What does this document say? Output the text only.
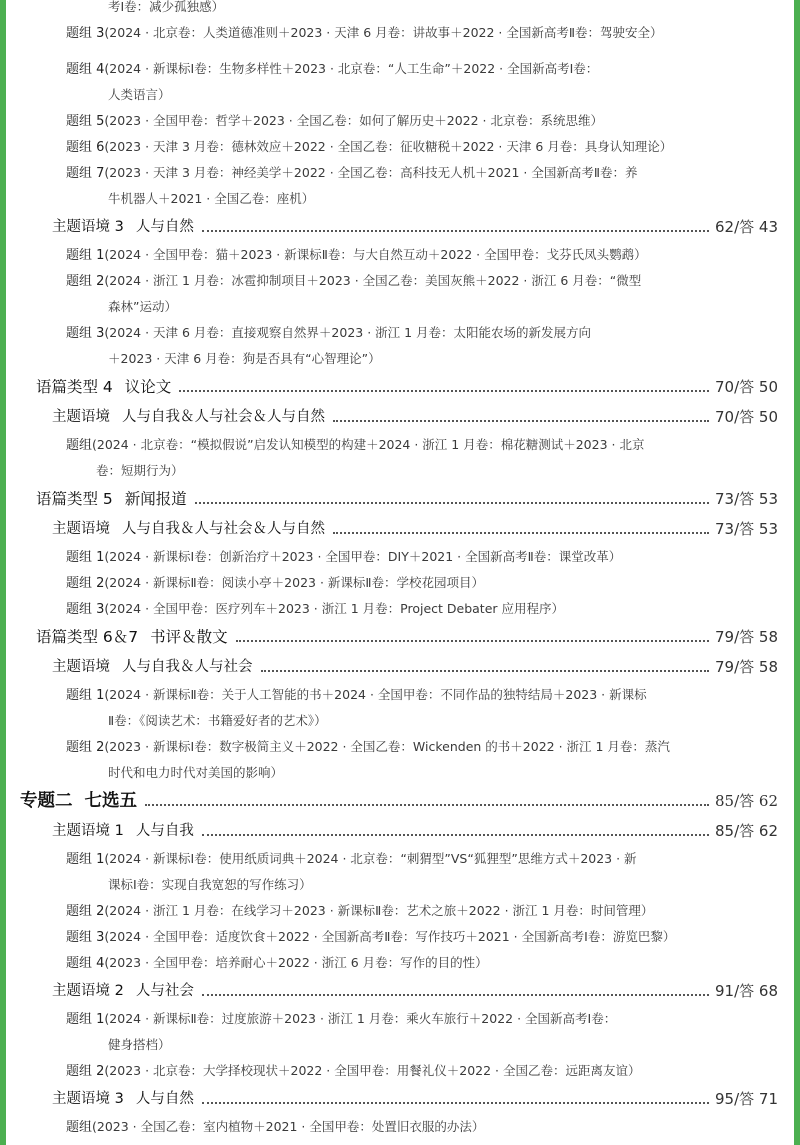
考Ⅰ卷：减少孤独感）
题组 3(2024 · 北京卷：人类道德准则＋2023 · 天津 6 月卷：讲故事＋2022 · 全国新高考Ⅱ卷：驾驶安全）
题组 4(2024 · 新课标Ⅰ卷：生物多样性＋2023 · 北京卷：“人工生命”＋2022 · 全国新高考Ⅰ卷：
人类语言）
题组 5(2023 · 全国甲卷：哲学＋2023 · 全国乙卷：如何了解历史＋2022 · 北京卷：系统思维）
题组 6(2023 · 天津 3 月卷：德林效应＋2022 · 全国乙卷：征收糖税＋2022 · 天津 6 月卷：具身认知理论）
题组 7(2023 · 天津 3 月卷：神经美学＋2022 · 全国乙卷：高科技无人机＋2021 · 全国新高考Ⅱ卷：养
牛机器人＋2021 · 全国乙卷：座机）
主题语境 3 人与自然	62/答 43
题组 1(2024 · 全国甲卷：猫＋2023 · 新课标Ⅱ卷：与大自然互动＋2022 · 全国甲卷：戈芬氏凤头鹦鹉）
题组 2(2024 · 浙江 1 月卷：冰雹抑制项目＋2023 · 全国乙卷：美国灰熊＋2022 · 浙江 6 月卷：“微型
森林”运动）
题组 3(2024 · 天津 6 月卷：直接观察自然界＋2023 · 浙江 1 月卷：太阳能农场的新发展方向
＋2023 · 天津 6 月卷：狗是否具有“心智理论”）
语篇类型 4 议论文	70/答 50
主题语境 人与自我＆人与社会＆人与自然	70/答 50
题组(2024 · 北京卷：“模拟假说”启发认知模型的构建＋2024 · 浙江 1 月卷：棉花糖测试＋2023 · 北京
卷：短期行为）
语篇类型 5 新闻报道	73/答 53
主题语境 人与自我＆人与社会＆人与自然	73/答 53
题组 1(2024 · 新课标Ⅰ卷：创新治疗＋2023 · 全国甲卷：DIY＋2021 · 全国新高考Ⅱ卷：课堂改革）
题组 2(2024 · 新课标Ⅱ卷：阅读小亭＋2023 · 新课标Ⅱ卷：学校花园项目）
题组 3(2024 · 全国甲卷：医疗列车＋2023 · 浙江 1 月卷：Project Debater 应用程序）
语篇类型 6＆7 书评＆散文	79/答 58
主题语境 人与自我＆人与社会	79/答 58
题组 1(2024 · 新课标Ⅱ卷：关于人工智能的书＋2024 · 全国甲卷：不同作品的独特结局＋2023 · 新课标
Ⅱ卷：《阅读艺术：书籍爱好者的艺术》）
题组 2(2023 · 新课标Ⅰ卷：数字极简主义＋2022 · 全国乙卷：Wickenden 的书＋2022 · 浙江 1 月卷：蒸汽
时代和电力时代对美国的影响）
专题二 七选五	85/答 62
主题语境 1 人与自我	85/答 62
题组 1(2024 · 新课标Ⅰ卷：使用纸质词典＋2024 · 北京卷：“刺猬型”VS“狐狸型”思维方式＋2023 · 新
课标Ⅰ卷：实现自我宽恕的写作练习）
题组 2(2024 · 浙江 1 月卷：在线学习＋2023 · 新课标Ⅱ卷：艺术之旅＋2022 · 浙江 1 月卷：时间管理）
题组 3(2024 · 全国甲卷：适度饮食＋2022 · 全国新高考Ⅱ卷：写作技巧＋2021 · 全国新高考Ⅰ卷：游览巴黎）
题组 4(2023 · 全国甲卷：培养耐心＋2022 · 浙江 6 月卷：写作的目的性）
主题语境 2 人与社会	91/答 68
题组 1(2024 · 新课标Ⅱ卷：过度旅游＋2023 · 浙江 1 月卷：乘火车旅行＋2022 · 全国新高考Ⅰ卷：
健身搭档）
题组 2(2023 · 北京卷：大学择校现状＋2022 · 全国甲卷：用餐礼仪＋2022 · 全国乙卷：远距离友谊）
主题语境 3 人与自然	95/答 71
题组(2023 · 全国乙卷：室内植物＋2021 · 全国甲卷：处置旧衣服的办法）
